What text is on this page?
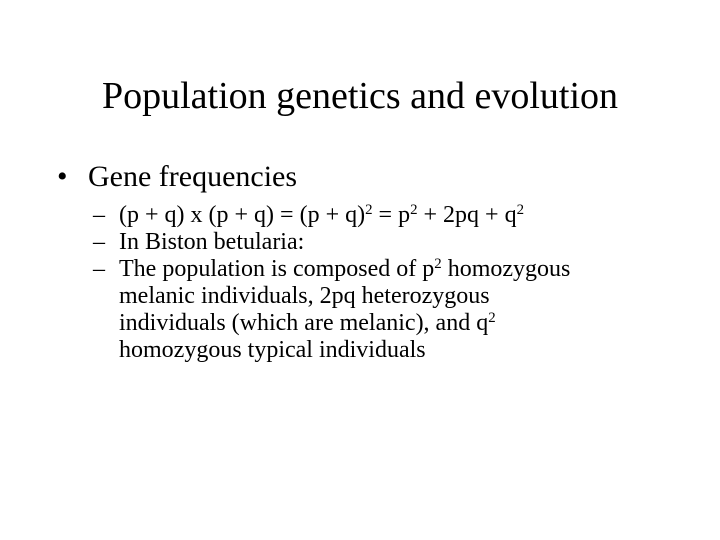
Population genetics and evolution
• Gene frequencies
– (p + q) x $(p + q) = (p + q)^2 = p^2 + 2pq + q^2$
– In Biston betularia:
– The population is composed of $p^2$ homozygous
melanic individuals, 2pq heterozygous
individuals (which are melanic), and $q^2$
homozygous typical individuals
